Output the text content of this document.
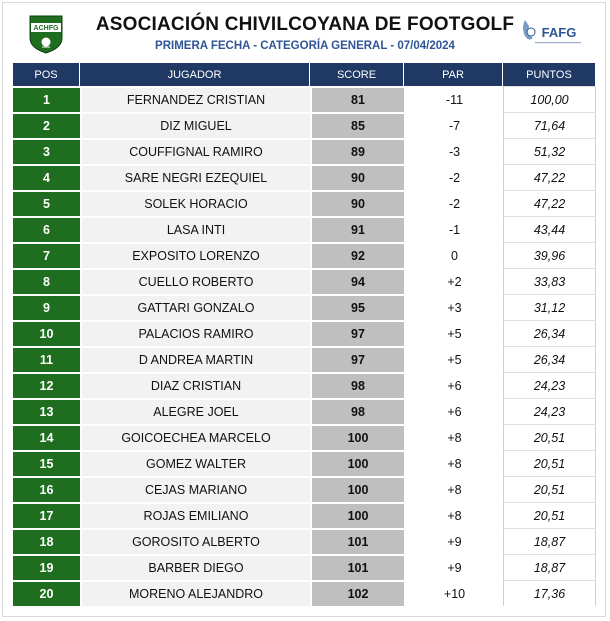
ACHFG	FAFG
ASOCIACIÓN CHIVILCOYANA DE FOOTGOLF
PRIMERA FECHA - CATEGORÍA GENERAL - 07/04/2024
POS	JUGADOR	SCORE	PAR	PUNTOS
1	FERNANDEZ CRISTIAN	81	-11	100,00
2	DIZ MIGUEL	85	-7	71,64
3	COUFFIGNAL RAMIRO	89	-3	51,32
4	SARE NEGRI EZEQUIEL	90	-2	47,22
5	SOLEK HORACIO	90	-2	47,22
6	LASA INTI	91	-1	43,44
7	EXPOSITO LORENZO	92	0	39,96
8	CUELLO ROBERTO	94	+2	33,83
9	GATTARI GONZALO	95	+3	31,12
10	PALACIOS RAMIRO	97	+5	26,34
11	D ANDREA MARTIN	97	+5	26,34
12	DIAZ CRISTIAN	98	+6	24,23
13	ALEGRE JOEL	98	+6	24,23
14	GOICOECHEA MARCELO	100	+8	20,51
15	GOMEZ WALTER	100	+8	20,51
16	CEJAS MARIANO	100	+8	20,51
17	ROJAS EMILIANO	100	+8	20,51
18	GOROSITO ALBERTO	101	+9	18,87
19	BARBER DIEGO	101	+9	18,87
20	MORENO ALEJANDRO	102	+10	17,36
